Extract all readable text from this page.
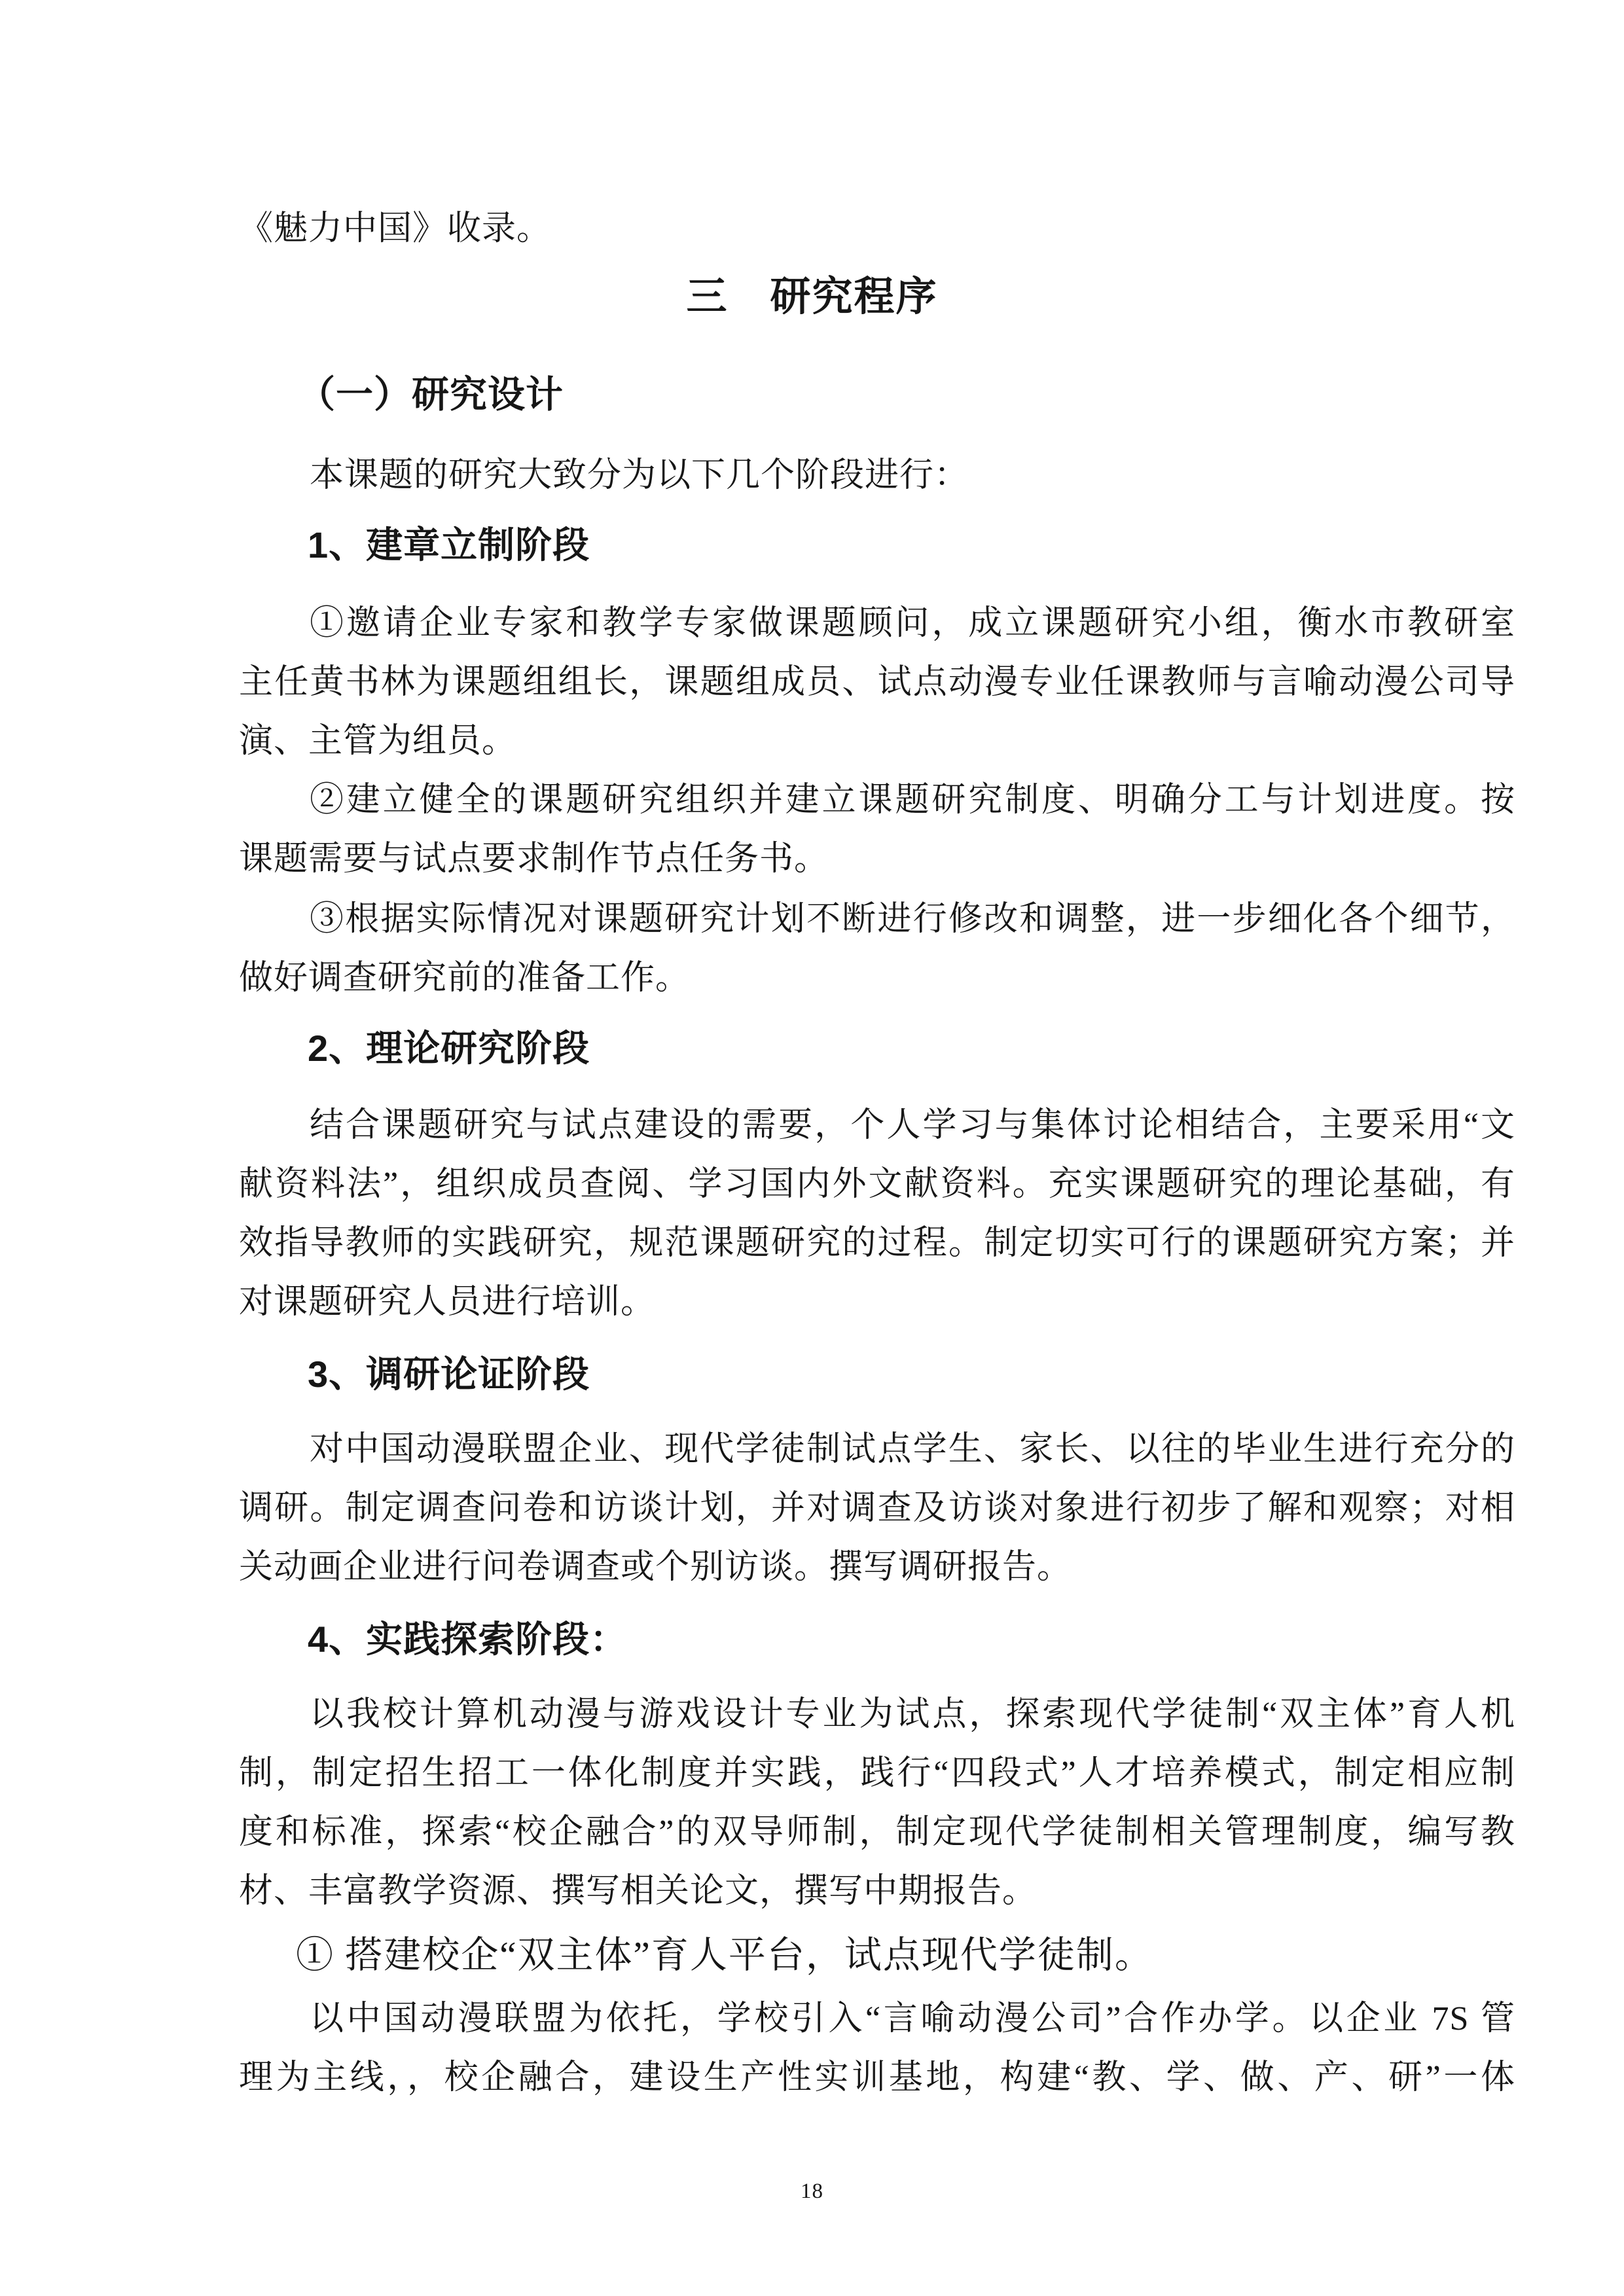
《魅力中国》收录。
三　研究程序
（一）研究设计
本课题的研究大致分为以下几个阶段进行：
1、建章立制阶段
①邀请企业专家和教学专家做课题顾问，成立课题研究小组，衡水市教研室
主任黄书林为课题组组长，课题组成员、试点动漫专业任课教师与言喻动漫公司导
演、主管为组员。
②建立健全的课题研究组织并建立课题研究制度、明确分工与计划进度。按
课题需要与试点要求制作节点任务书。
③根据实际情况对课题研究计划不断进行修改和调整，进一步细化各个细节，
做好调查研究前的准备工作。
2、理论研究阶段
结合课题研究与试点建设的需要，个人学习与集体讨论相结合，主要采用“文
献资料法”，组织成员查阅、学习国内外文献资料。充实课题研究的理论基础，有
效指导教师的实践研究，规范课题研究的过程。制定切实可行的课题研究方案；并
对课题研究人员进行培训。
3、调研论证阶段
对中国动漫联盟企业、现代学徒制试点学生、家长、以往的毕业生进行充分的
调研。制定调查问卷和访谈计划，并对调查及访谈对象进行初步了解和观察；对相
关动画企业进行问卷调查或个别访谈。撰写调研报告。
4、实践探索阶段：
以我校计算机动漫与游戏设计专业为试点，探索现代学徒制“双主体”育人机
制，制定招生招工一体化制度并实践，践行“四段式”人才培养模式，制定相应制
度和标准，探索“校企融合”的双导师制，制定现代学徒制相关管理制度，编写教
材、丰富教学资源、撰写相关论文，撰写中期报告。
① 搭建校企“双主体”育人平台，试点现代学徒制。
以中国动漫联盟为依托，学校引入“言喻动漫公司”合作办学。以企业 7S 管
理为主线，，校企融合，建设生产性实训基地，构建“教、学、做、产、研”一体
18
